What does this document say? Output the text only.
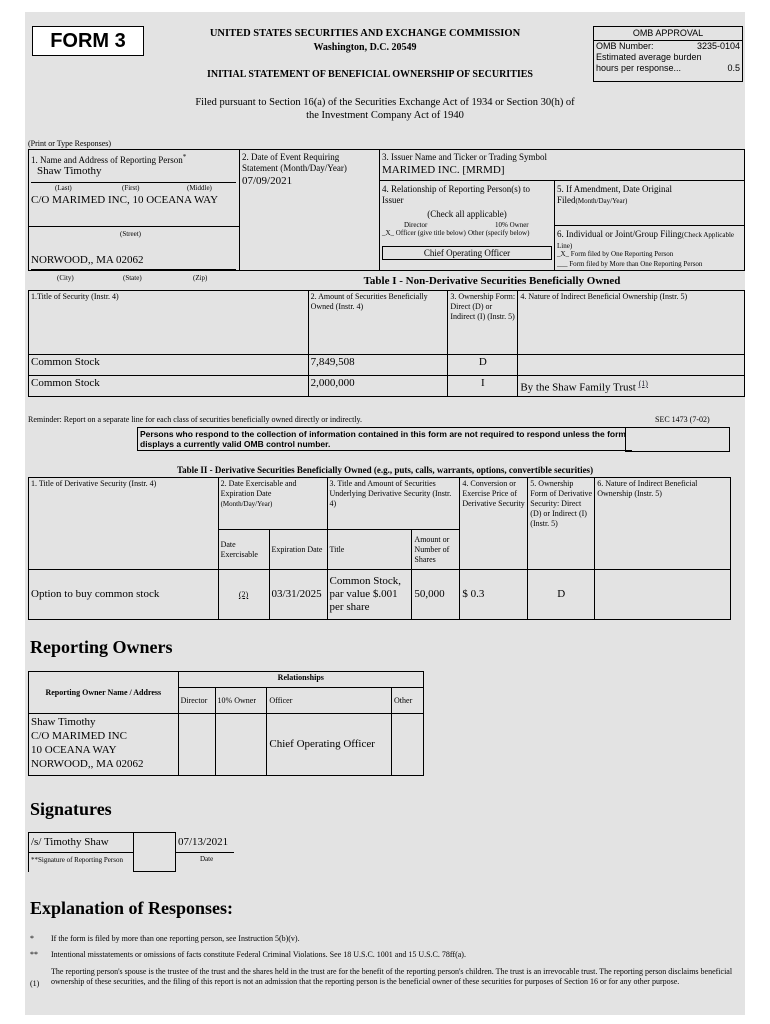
FORM 3	UNITED STATES SECURITIES AND EXCHANGE COMMISSION
Washington, D.C. 20549
INITIAL STATEMENT OF BENEFICIAL OWNERSHIP OF SECURITIES
OMB APPROVAL
OMB Number:	3235-0104
Estimated average burden
hours per response...	0.5
Filed pursuant to Section 16(a) of the Securities Exchange Act of 1934 or Section 30(h) of
the Investment Company Act of 1940
(Print or Type Responses)
1. Name and Address of Reporting Person*
Shaw Timothy
(Last)	(First)	(Middle)
C/O MARIMED INC, 10 OCEANA WAY
(Street)
NORWOOD,, MA 02062
(City)	(State)	(Zip)
2. Date of Event Requiring Statement (Month/Day/Year)
07/09/2021
3. Issuer Name and Ticker or Trading Symbol
MARIMED INC. [MRMD]
4. Relationship of Reporting Person(s) to Issuer
(Check all applicable)
Director	10% Owner
_X_ Officer (give title below) Other (specify below)
Chief Operating Officer
5. If Amendment, Date Original Filed(Month/Day/Year)
6. Individual or Joint/Group Filing(Check Applicable Line)
_X_ Form filed by One Reporting Person
___ Form filed by More than One Reporting Person
Table I - Non-Derivative Securities Beneficially Owned
1.Title of Security (Instr. 4)	2. Amount of Securities Beneficially Owned (Instr. 4)	3. Ownership Form: Direct (D) or Indirect (I) (Instr. 5)	4. Nature of Indirect Beneficial Ownership (Instr. 5)
Common Stock	7,849,508	D	
Common Stock	2,000,000	I	By the Shaw Family Trust $^{(1)}$
Reminder: Report on a separate line for each class of securities beneficially owned directly or indirectly.	SEC 1473 (7-02)
Persons who respond to the collection of information contained in this form are not required to respond unless the form displays a currently valid OMB control number.
Table II - Derivative Securities Beneficially Owned (e.g., puts, calls, warrants, options, convertible securities)
1. Title of Derivative Security (Instr. 4)	2. Date Exercisable and Expiration Date
(Month/Day/Year)		3. Title and Amount of Securities Underlying Derivative Security (Instr. 4)		4. Conversion or Exercise Price of Derivative Security	5. Ownership Form of Derivative Security: Direct (D) or Indirect (I) (Instr. 5)	6. Nature of Indirect Beneficial Ownership (Instr. 5)
	Date Exercisable	Expiration Date	Title	Amount or Number of Shares			
Option to buy common stock	(2)	03/31/2025	Common Stock, par value $.001 per share	50,000	$ 0.3	D	
Reporting Owners
Reporting Owner Name / Address	Relationships			
	Director	10% Owner	Officer	Other

Shaw Timothy
C/O MARIMED INC
10 OCEANA WAY
NORWOOD,, MA 02062			Chief Operating Officer	
Signatures
/s/ Timothy Shaw	07/13/2021
**Signature of Reporting Person	Date
Explanation of Responses:
*	If the form is filed by more than one reporting person, see Instruction 5(b)(v).
**	Intentional misstatements or omissions of facts constitute Federal Criminal Violations. See 18 U.S.C. 1001 and 15 U.S.C. 78ff(a).
(1)
The reporting person's spouse is the trustee of the trust and the shares held in the trust are for the benefit of the reporting person's children. The trust is an irrevocable trust. The reporting person disclaims beneficial ownership of these securities, and the filing of this report is not an admission that the reporting person is the beneficial owner of these securities for purposes of Section 16 or for any other purpose.
